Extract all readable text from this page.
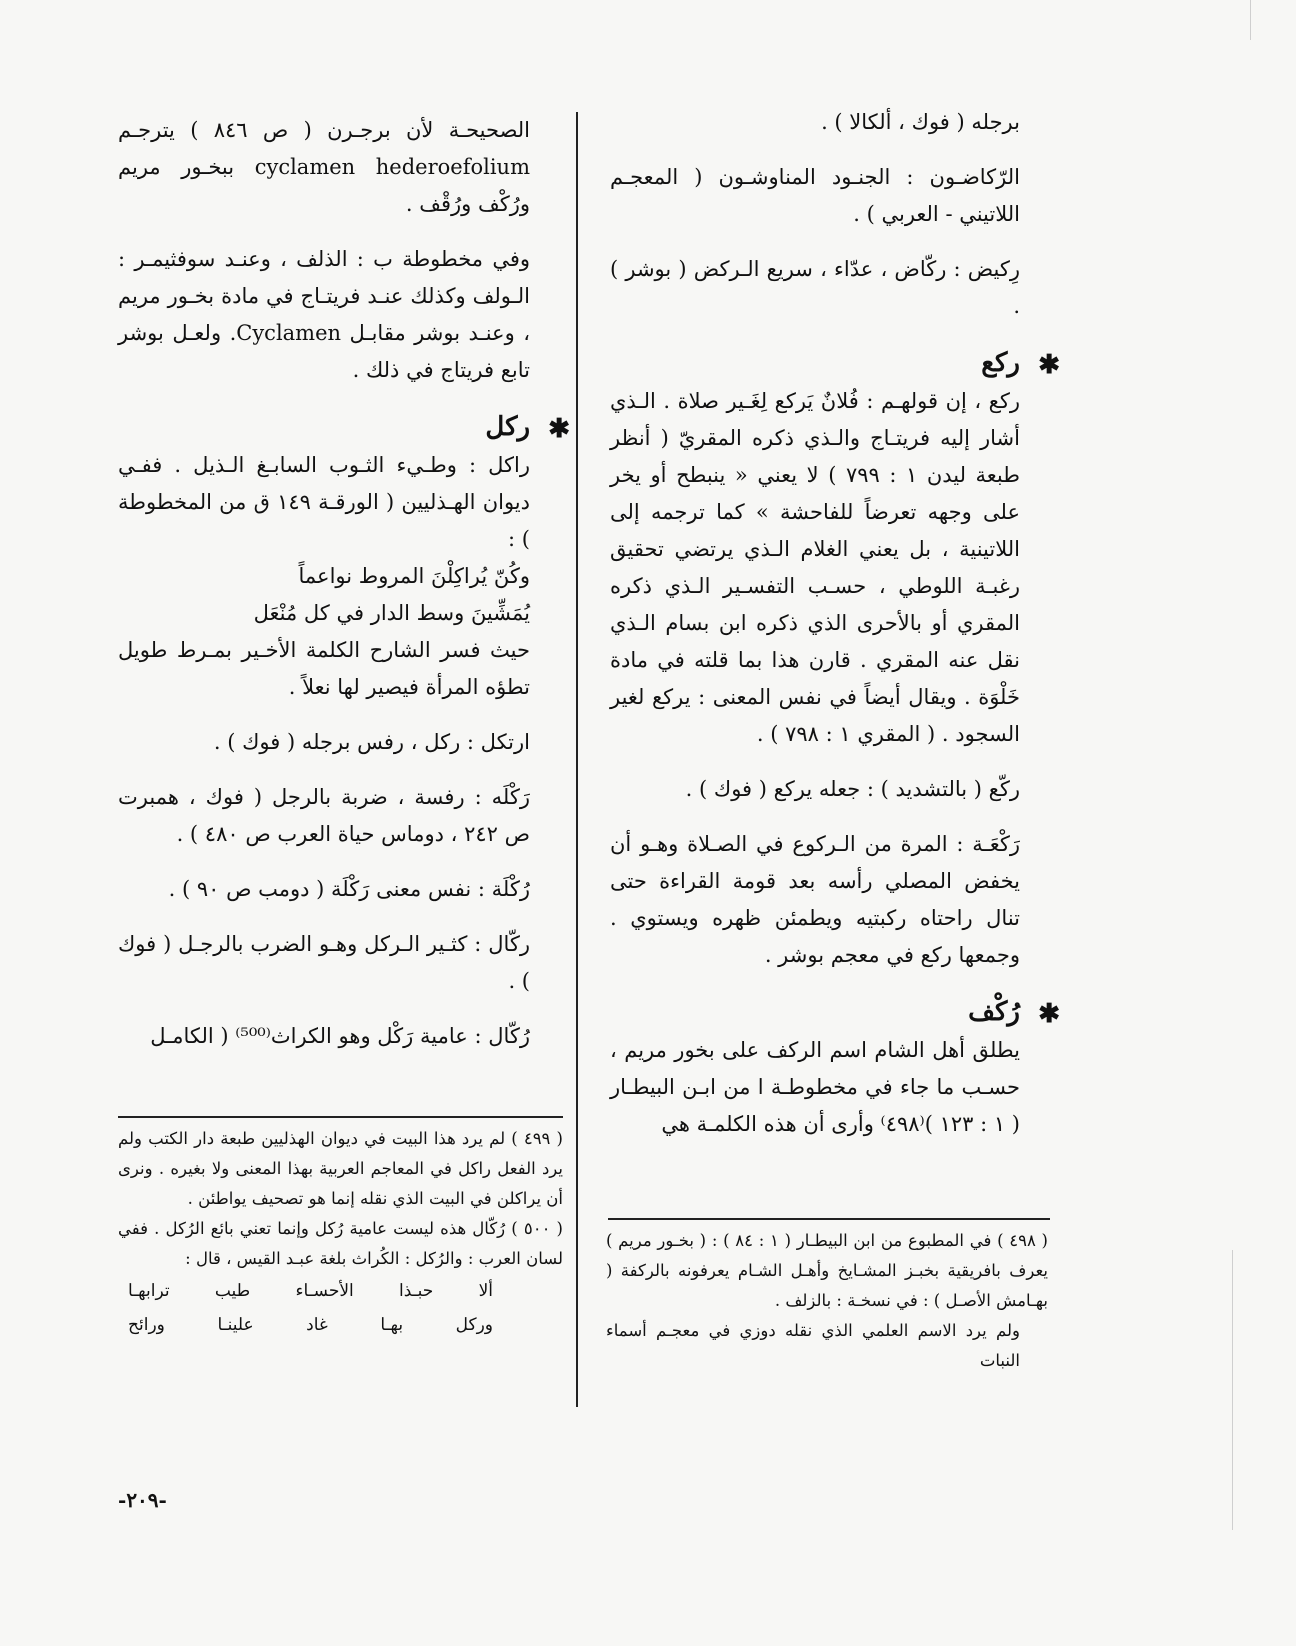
برجله ( فوك ، ألكالا ) .

الرّكاضـون : الجنـود المناوشـون ( المعجـم اللاتيني - العربي ) .

رِكيض : ركّاض ، عدّاء ، سريع الـركض ( بوشر ) .

✱
ركع

ركع ، إن قولهـم : فُلانٌ يَركع لِغَـير صلاة . الـذي أشار إليه فريتـاج والـذي ذكره المقريّ ( أنظر طبعة ليدن ١ : ٧٩٩ ) لا يعني « ينبطح أو يخر على وجهه تعرضاً للفاحشة » كما ترجمه إلى اللاتينية ، بل يعني الغلام الـذي يرتضي تحقيق رغبـة اللوطي ، حسـب التفسـير الـذي ذكره المقري أو بالأحرى الذي ذكره ابن بسام الـذي نقل عنه المقري . قارن هذا بما قلته في مادة خَلْوَة . ويقال أيضاً في نفس المعنى : يركع لغير السجود . ( المقري ١ : ٧٩٨ ) .

ركّع ( بالتشديد ) : جعله يركع ( فوك ) .

رَكْعَـة : المرة من الـركوع في الصـلاة وهـو أن يخفض المصلي رأسه بعد قومة القراءة حتى تنال راحتاه ركبتيه ويطمئن ظهره ويستوي . وجمعها ركع في معجم بوشر .

✱
رُكْف

يطلق أهل الشام اسم الركف على بخور مريم ، حسـب ما جاء في مخطوطـة ا من ابـن البيطـار ( ١ : ١٢٣ )⁽٤٩٨⁾ وأرى أن هذه الكلمـة هي

الصحيحـة لأن برجـرن ( ص ٨٤٦ ) يترجـم cyclamen hederoefolium ببخـور مريم ورُكْف ورُقْف .

وفي مخطوطة ب : الذلف ، وعنـد سوفثيمـر : الـولف وكذلك عنـد فريتـاج في مادة بخـور مريم ، وعنـد بوشر مقابـل Cyclamen. ولعـل بوشر تابع فريتاج في ذلك .

✱
ركل

راكل : وطـيء الثـوب السابـغ الـذيل . ففـي ديوان الهـذليين ( الورقـة ١٤٩ ق من المخطوطة ) :

وكُنّ يُراكِلْنَ المروط نواعماً

يُمَشِّينَ وسط الدار في كل مُنْعَل

حيث فسر الشارح الكلمة الأخـير بمـرط طويل تطؤه المرأة فيصير لها نعلاً .

ارتكل : ركل ، رفس برجله ( فوك ) .

رَكْلَه : رفسة ، ضربة بالرجل ( فوك ، همبرت ص ٢٤٢ ، دوماس حياة العرب ص ٤٨٠ ) .

رُكْلَة : نفس معنى رَكْلَة ( دومب ص ٩٠ ) .

ركّال : كثـير الـركل وهـو الضرب بالرجـل ( فوك ) .

رُكّال : عامية رَكْل وهو الكراث⁽⁵⁰⁰⁾ ( الكامـل

( ٤٩٨ ) في المطبوع من ابن البيطـار ( ١ : ٨٤ ) : ( بخـور مريم ) يعرف بافريقية بخبـز المشـايخ وأهـل الشـام يعرفونه بالركفة ( بهـامش الأصـل ) : في نسخـة : بالزلف .

ولم يرد الاسم العلمي الذي نقله دوزي في معجـم أسماء النبات

( ٤٩٩ ) لم يرد هذا البيت في ديوان الهذليين طبعة دار الكتب ولم يرد الفعل راكل في المعاجم العربية بهذا المعنى ولا بغيره . ونرى أن يراكلن في البيت الذي نقله إنما هو تصحيف يواطئن .

( ٥٠٠ ) رُكّال هذه ليست عامية رُكل وإنما تعني بائع الرُكل . ففي لسان العرب : والرُكل : الكُراث بلغة عبـد القيس ، قال :

ألا
حبـذا
الأحسـاء
طيب
ترابهـا
وركل
بهـا
غاد
علينـا
ورائح
-٢٠٩-
